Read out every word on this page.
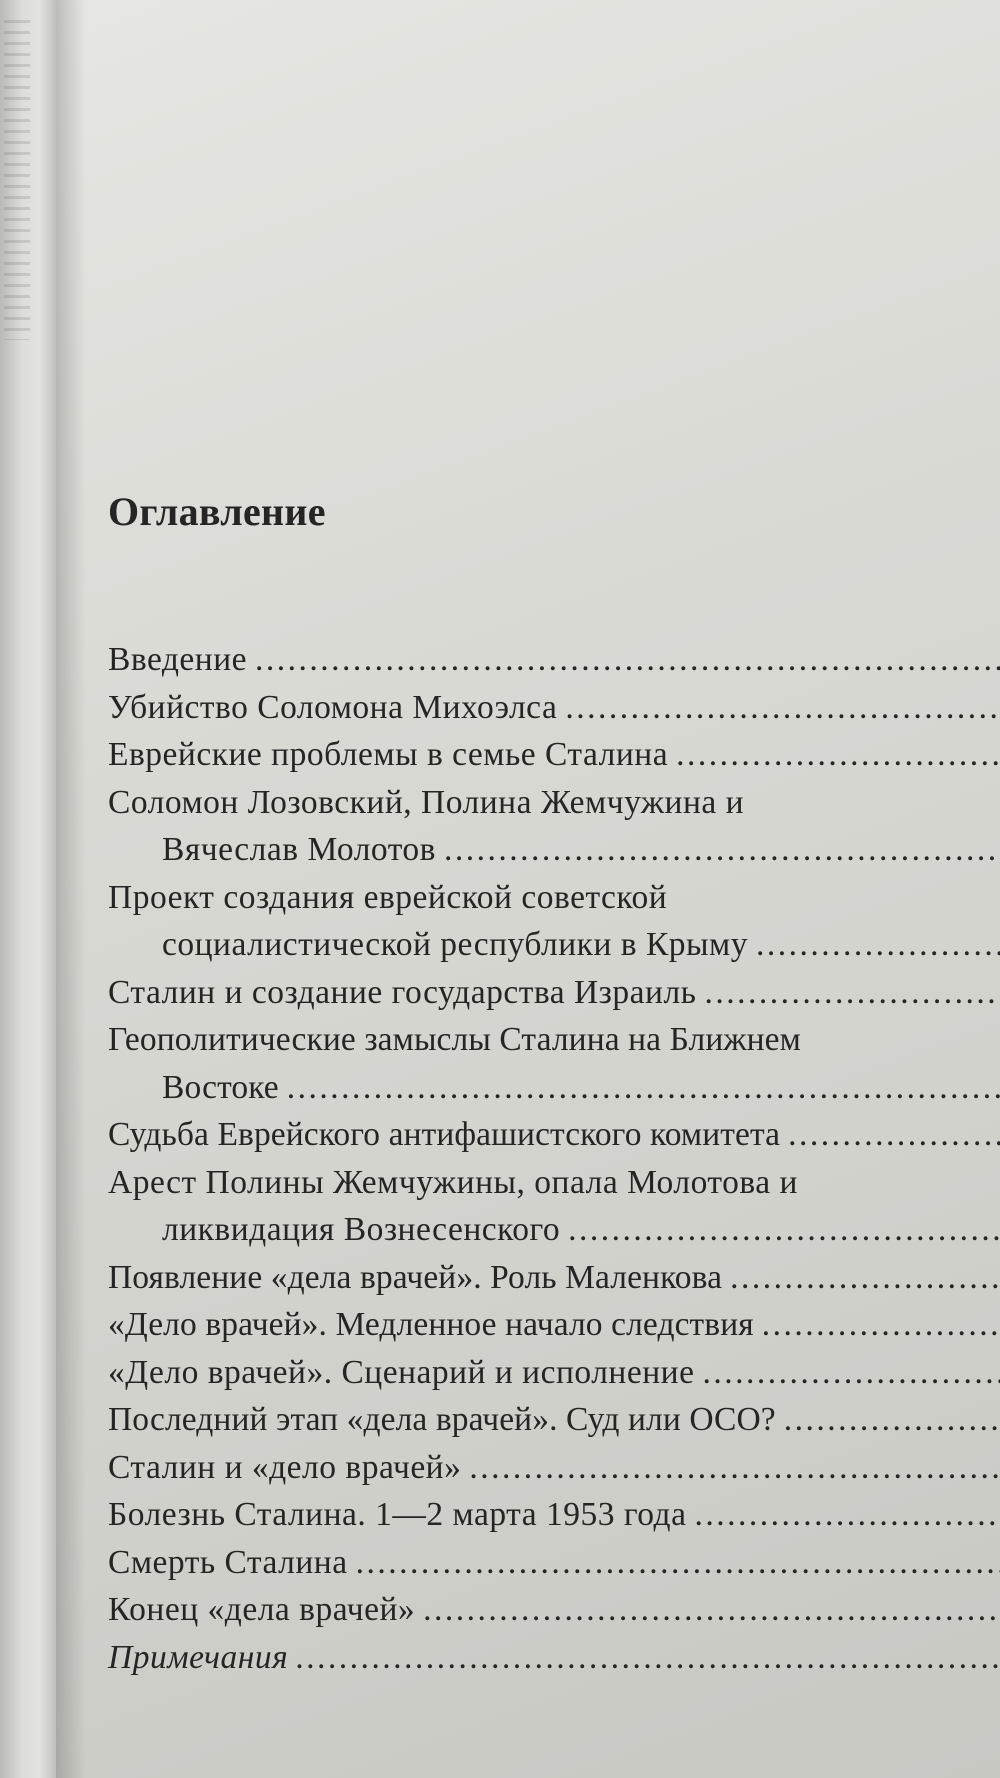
Оглавление
Введение
.....
Убийство Соломона Михоэлса
.....
Еврейские проблемы в семье Сталина
.....
Соломон Лозовский, Полина Жемчужина и
Вячеслав Молотов
.....
Проект создания еврейской советской
социалистической республики в Крыму
.....
Сталин и создание государства Израиль
.....
Геополитические замыслы Сталина на Ближнем
Востоке
.....
Судьба Еврейского антифашистского комитета
.....
Арест Полины Жемчужины, опала Молотова и
ликвидация Вознесенского
.....
Появление «дела врачей». Роль Маленкова
.....
«Дело врачей». Медленное начало следствия
.....
«Дело врачей». Сценарий и исполнение
.....
Последний этап «дела врачей». Суд или ОСО?
.....
Сталин и «дело врачей»
.....
Болезнь Сталина. 1—2 марта 1953 года
.....
Смерть Сталина
.....
Конец «дела врачей»
.....
Примечания
.....
